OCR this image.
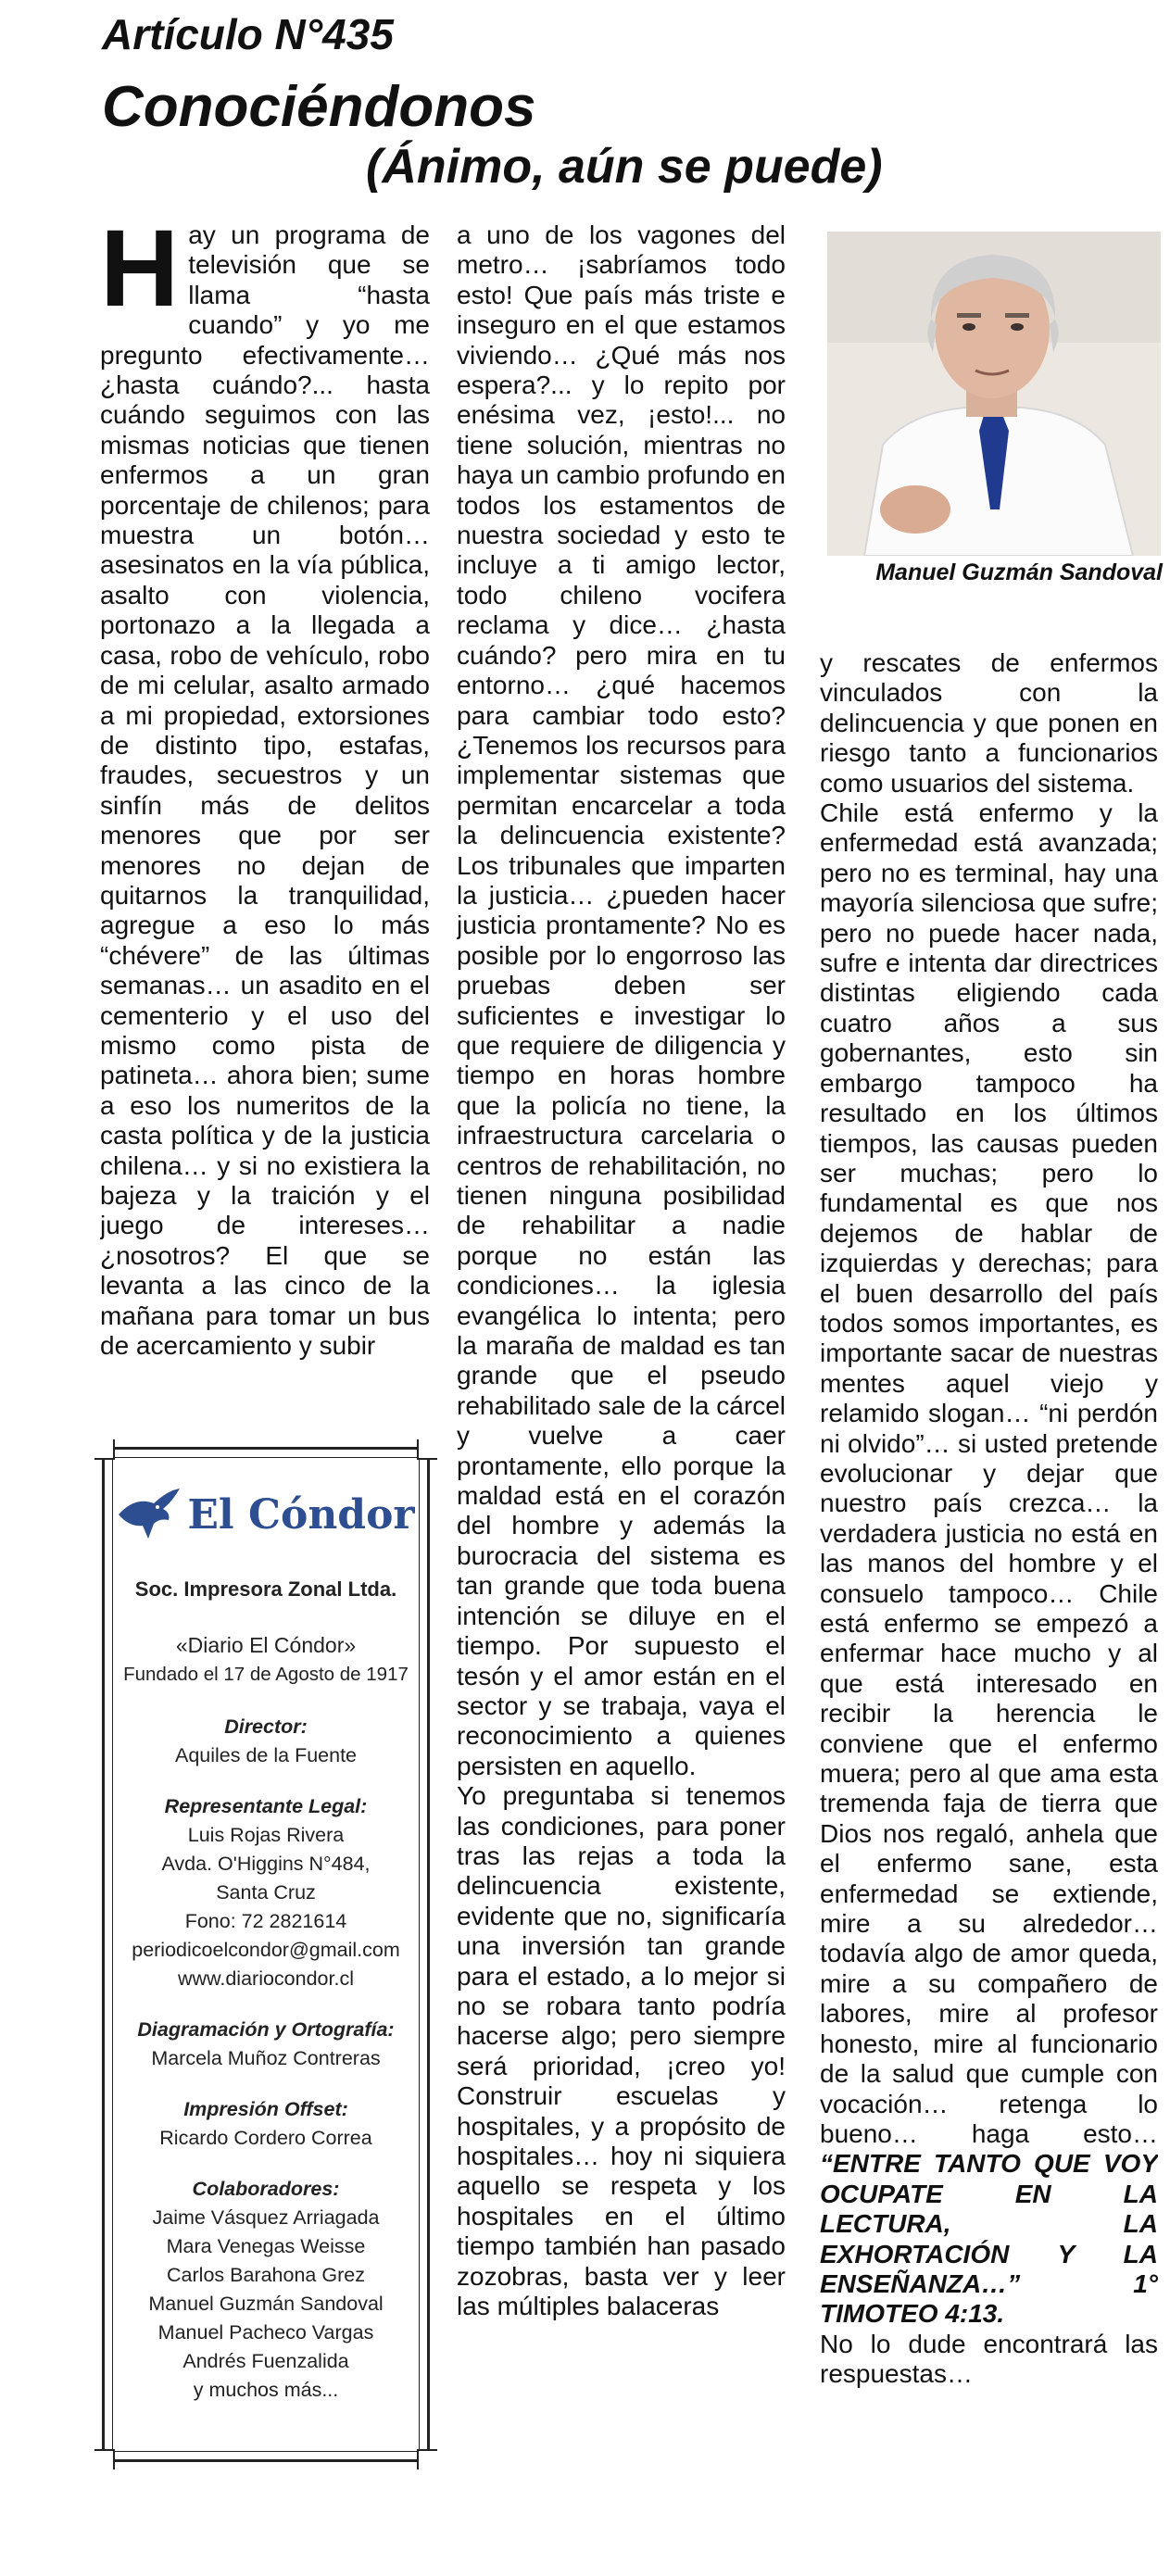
Artículo N°435
Conociéndonos
(Ánimo, aún se puede)

Hay un programa de televisión que se llama “hasta cuando” y yo me pregunto efectivamente… ¿hasta cuándo?... hasta cuándo seguimos con las mismas noticias que tienen enfermos a un gran porcentaje de chilenos; para muestra un botón… asesinatos en la vía pública, asalto con violencia, portonazo a la llegada a casa, robo de vehículo, robo de mi celular, asalto armado a mi propiedad, extorsiones de distinto tipo, estafas, fraudes, secuestros y un sinfín más de delitos menores que por ser menores no dejan de quitarnos la tranquilidad, agregue a eso lo más “chévere” de las últimas semanas… un asadito en el cementerio y el uso del mismo como pista de patineta… ahora bien; sume a eso los numeritos de la casta política y de la justicia chilena… y si no existiera la bajeza y la traición y el juego de intereses… ¿nosotros? El que se levanta a las cinco de la mañana para tomar un bus de acercamiento y subir

a uno de los vagones del metro… ¡sabríamos todo esto! Que país más triste e inseguro en el que estamos viviendo… ¿Qué más nos espera?... y lo repito por enésima vez, ¡esto!... no tiene solución, mientras no haya un cambio profundo en todos los estamentos de nuestra sociedad y esto te incluye a ti amigo lector, todo chileno vocifera reclama y dice… ¿hasta cuándo? pero mira en tu entorno… ¿qué hacemos para cambiar todo esto? ¿Tenemos los recursos para implementar sistemas que permitan encarcelar a toda la delincuencia existente? Los tribunales que imparten la justicia… ¿pueden hacer justicia prontamente? No es posible por lo engorroso las pruebas deben ser suficientes e investigar lo que requiere de diligencia y tiempo en horas hombre que la policía no tiene, la infraestructura carcelaria o centros de rehabilitación, no tienen ninguna posibilidad de rehabilitar a nadie porque no están las condiciones… la iglesia evangélica lo intenta; pero la maraña de maldad es tan grande que el pseudo rehabilitado sale de la cárcel y vuelve a caer prontamente, ello porque la maldad está en el corazón del hombre y además la burocracia del sistema es tan grande que toda buena intención se diluye en el tiempo. Por supuesto el tesón y el amor están en el sector y se trabaja, vaya el reconocimiento a quienes persisten en aquello.

Yo preguntaba si tenemos las condiciones, para poner tras las rejas a toda la delincuencia existente, evidente que no, significaría una inversión tan grande para el estado, a lo mejor si no se robara tanto podría hacerse algo; pero siempre será prioridad, ¡creo yo! Construir escuelas y hospitales, y a propósito de hospitales… hoy ni siquiera aquello se respeta y los hospitales en el último tiempo también han pasado zozobras, basta ver y leer las múltiples balaceras

Manuel Guzmán Sandoval

y rescates de enfermos vinculados con la delincuencia y que ponen en riesgo tanto a funcionarios como usuarios del sistema.

Chile está enfermo y la enfermedad está avanzada; pero no es terminal, hay una mayoría silenciosa que sufre; pero no puede hacer nada, sufre e intenta dar directrices distintas eligiendo cada cuatro años a sus gobernantes, esto sin embargo tampoco ha resultado en los últimos tiempos, las causas pueden ser muchas; pero lo fundamental es que nos dejemos de hablar de izquierdas y derechas; para el buen desarrollo del país todos somos importantes, es importante sacar de nuestras mentes aquel viejo y relamido slogan… “ni perdón ni olvido”… si usted pretende evolucionar y dejar que nuestro país crezca… la verdadera justicia no está en las manos del hombre y el consuelo tampoco… Chile está enfermo se empezó a enfermar hace mucho y al que está interesado en recibir la herencia le conviene que el enfermo muera; pero al que ama esta tremenda faja de tierra que Dios nos regaló, anhela que el enfermo sane, esta enfermedad se extiende, mire a su alrededor… todavía algo de amor queda, mire a su compañero de labores, mire al profesor honesto, mire al funcionario de la salud que cumple con vocación… retenga lo bueno… haga esto… “ENTRE TANTO QUE VOY OCUPATE EN LA LECTURA, LA EXHORTACIÓN Y LA ENSEÑANZA…” 1° TIMOTEO 4:13.

No lo dude encontrará las respuestas…

El Cóndor
Soc. Impresora Zonal Ltda.
«Diario El Cóndor»
Fundado el 17 de Agosto de 1917
Director:
Aquiles de la Fuente
Representante Legal:
Luis Rojas Rivera
Avda. O'Higgins N°484,
Santa Cruz
Fono: 72 2821614
periodicoelcondor@gmail.com
www.diariocondor.cl
Diagramación y Ortografía:
Marcela Muñoz Contreras
Impresión Offset:
Ricardo Cordero Correa
Colaboradores:
Jaime Vásquez Arriagada
Mara Venegas Weisse
Carlos Barahona Grez
Manuel Guzmán Sandoval
Manuel Pacheco Vargas
Andrés Fuenzalida
y muchos más...
